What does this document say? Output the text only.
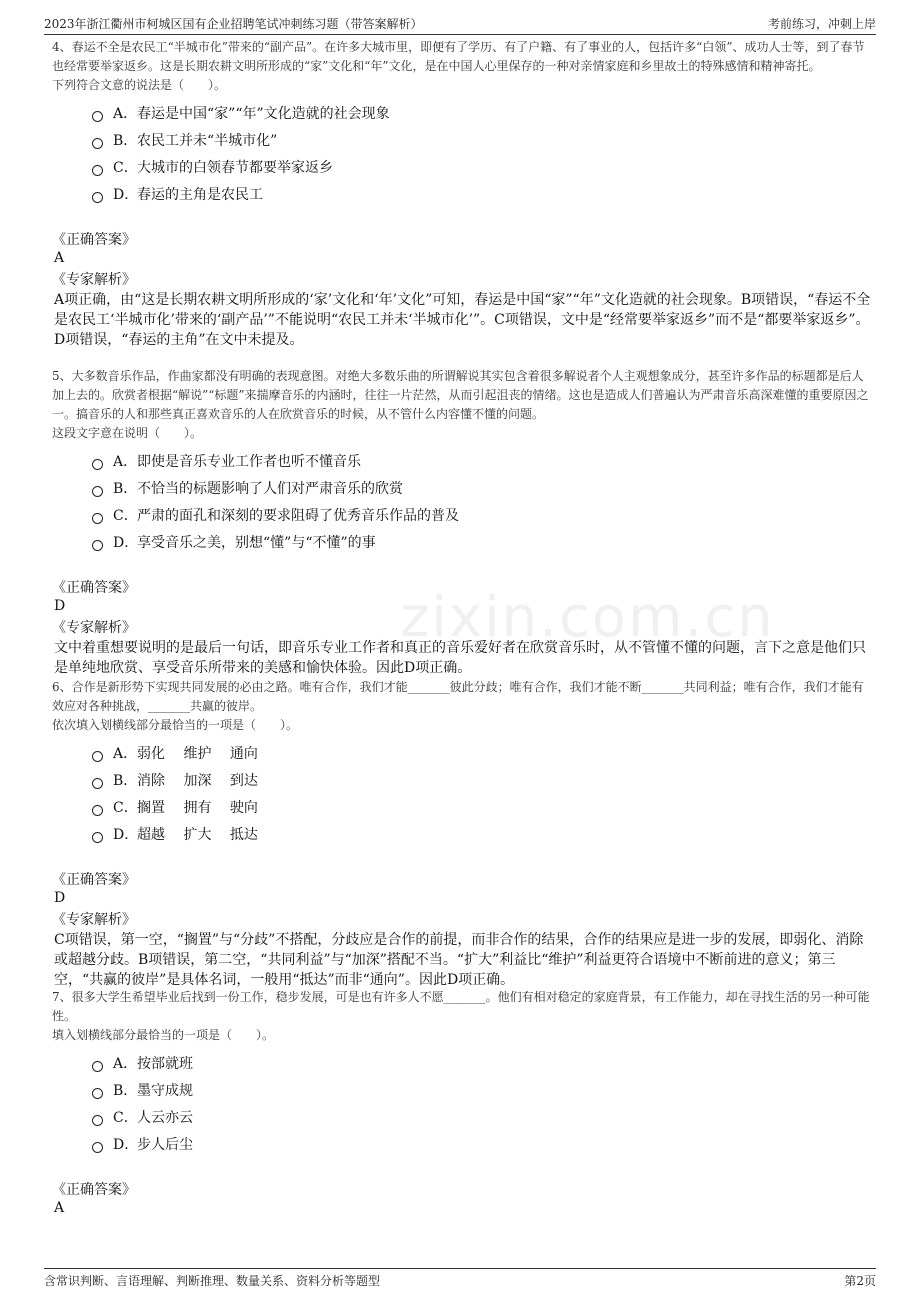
2023年浙江衢州市柯城区国有企业招聘笔试冲刺练习题（带答案解析）	考前练习，冲刺上岸
zixin.com.cn

4、春运不全是农民工“半城市化”带来的“副产品”。在许多大城市里，即便有了学历、有了户籍、有了事业的人，包括许多“白领”、成功人士等，到了春节也经常要举家返乡。这是长期农耕文明所形成的“家”文化和“年”文化，是在中国人心里保存的一种对亲情家庭和乡里故土的特殊感情和精神寄托。

下列符合文意的说法是（　　）。

A． 春运是中国“家”“年”文化造就的社会现象
B． 农民工并未“半城市化”
C． 大城市的白领春节都要举家返乡
D．
春运的主角是农民工
《正确答案》
A
《专家解析》

A项正确，由“这是长期农耕文明所形成的‘家’文化和‘年’文化”可知，春运是中国“家”“年”文化造就的社会现象。B项错误，“春运不全是农民工‘半城市化’带来的‘副产品’”不能说明“农民工并未‘半城市化’”。C项错误，文中是“经常要举家返乡”而不是“都要举家返乡”。D项错误，“春运的主角”在文中未提及。

5、大多数音乐作品，作曲家都没有明确的表现意图。对绝大多数乐曲的所谓解说其实包含着很多解说者个人主观想象成分，甚至许多作品的标题都是后人加上去的。欣赏者根据“解说”“标题”来揣摩音乐的内涵时，往往一片茫然，从而引起沮丧的情绪。这也是造成人们普遍认为严肃音乐高深难懂的重要原因之一。搞音乐的人和那些真正喜欢音乐的人在欣赏音乐的时候，从不管什么内容懂不懂的问题。

这段文字意在说明（　　）。

A． 即使是音乐专业工作者也听不懂音乐
B． 不恰当的标题影响了人们对严肃音乐的欣赏
C． 严肃的面孔和深刻的要求阻碍了优秀音乐作品的普及
D．
享受音乐之美，别想“懂”与“不懂”的事
《正确答案》
D
《专家解析》

文中着重想要说明的是最后一句话，即音乐专业工作者和真正的音乐爱好者在欣赏音乐时，从不管懂不懂的问题，言下之意是他们只是单纯地欣赏、享受音乐所带来的美感和愉快体验。因此D项正确。

6、合作是新形势下实现共同发展的必由之路。唯有合作，我们才能_______彼此分歧；唯有合作，我们才能不断_______共同利益；唯有合作，我们才能有效应对各种挑战，_______共赢的彼岸。

依次填入划横线部分最恰当的一项是（　　）。

A． 弱化　 维护　 通向
B． 消除　 加深　 到达
C． 搁置　 拥有　 驶向
D．
超越　 扩大　 抵达
《正确答案》
D
《专家解析》

C项错误，第一空，“搁置”与“分歧”不搭配，分歧应是合作的前提，而非合作的结果，合作的结果应是进一步的发展，即弱化、消除或超越分歧。B项错误，第二空，“共同利益”与“加深”搭配不当。“扩大”利益比“维护”利益更符合语境中不断前进的意义；第三空，“共赢的彼岸”是具体名词，一般用“抵达”而非“通向”。因此D项正确。

7、很多大学生希望毕业后找到一份工作，稳步发展，可是也有许多人不愿_______。他们有相对稳定的家庭背景，有工作能力，却在寻找生活的另一种可能性。

填入划横线部分最恰当的一项是（　　）。

A． 按部就班
B． 墨守成规
C． 人云亦云
D．
步人后尘
《正确答案》
A
含常识判断、言语理解、判断推理、数量关系、资料分析等题型	第2页
